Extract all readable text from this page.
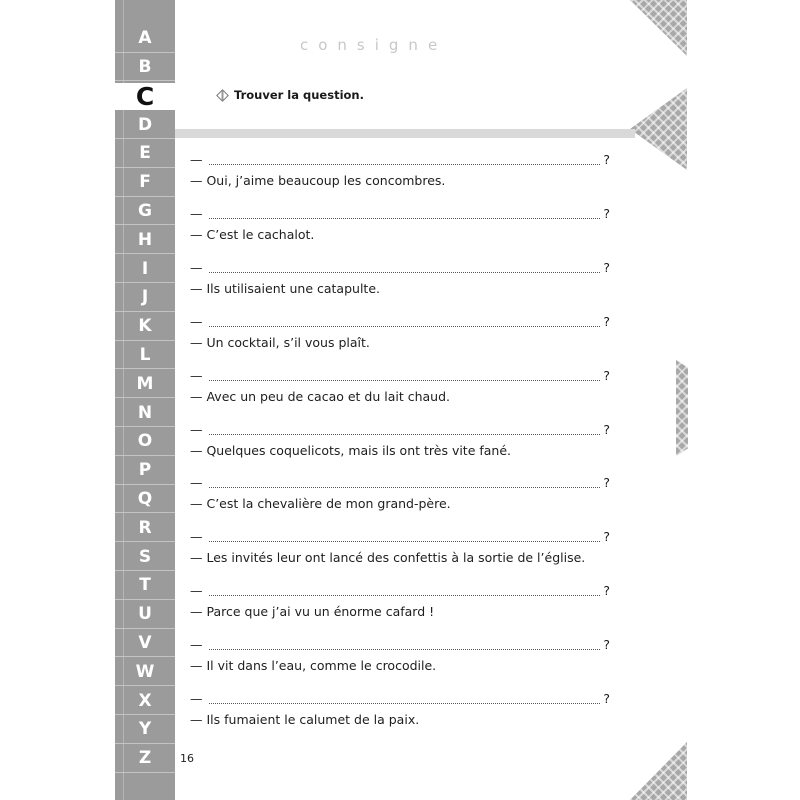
A
B
C
D
E
F
G
H
I
J
K
L
M
N
O
P
Q
R
S
T
U
V
W
X
Y
Z	16
consigne
Trouver la question.
—	?
— Oui, j’aime beaucoup les concombres.
—	?
— C’est le cachalot.
—	?
— Ils utilisaient une catapulte.
—	?
— Un cocktail, s’il vous plaît.
—	?
— Avec un peu de cacao et du lait chaud.
—	?
— Quelques coquelicots, mais ils ont très vite fané.
—	?
— C’est la chevalière de mon grand-père.
—	?
— Les invités leur ont lancé des confettis à la sortie de l’église.
—	?
— Parce que j’ai vu un énorme cafard !
—	?
— Il vit dans l’eau, comme le crocodile.
—	?
— Ils fumaient le calumet de la paix.
